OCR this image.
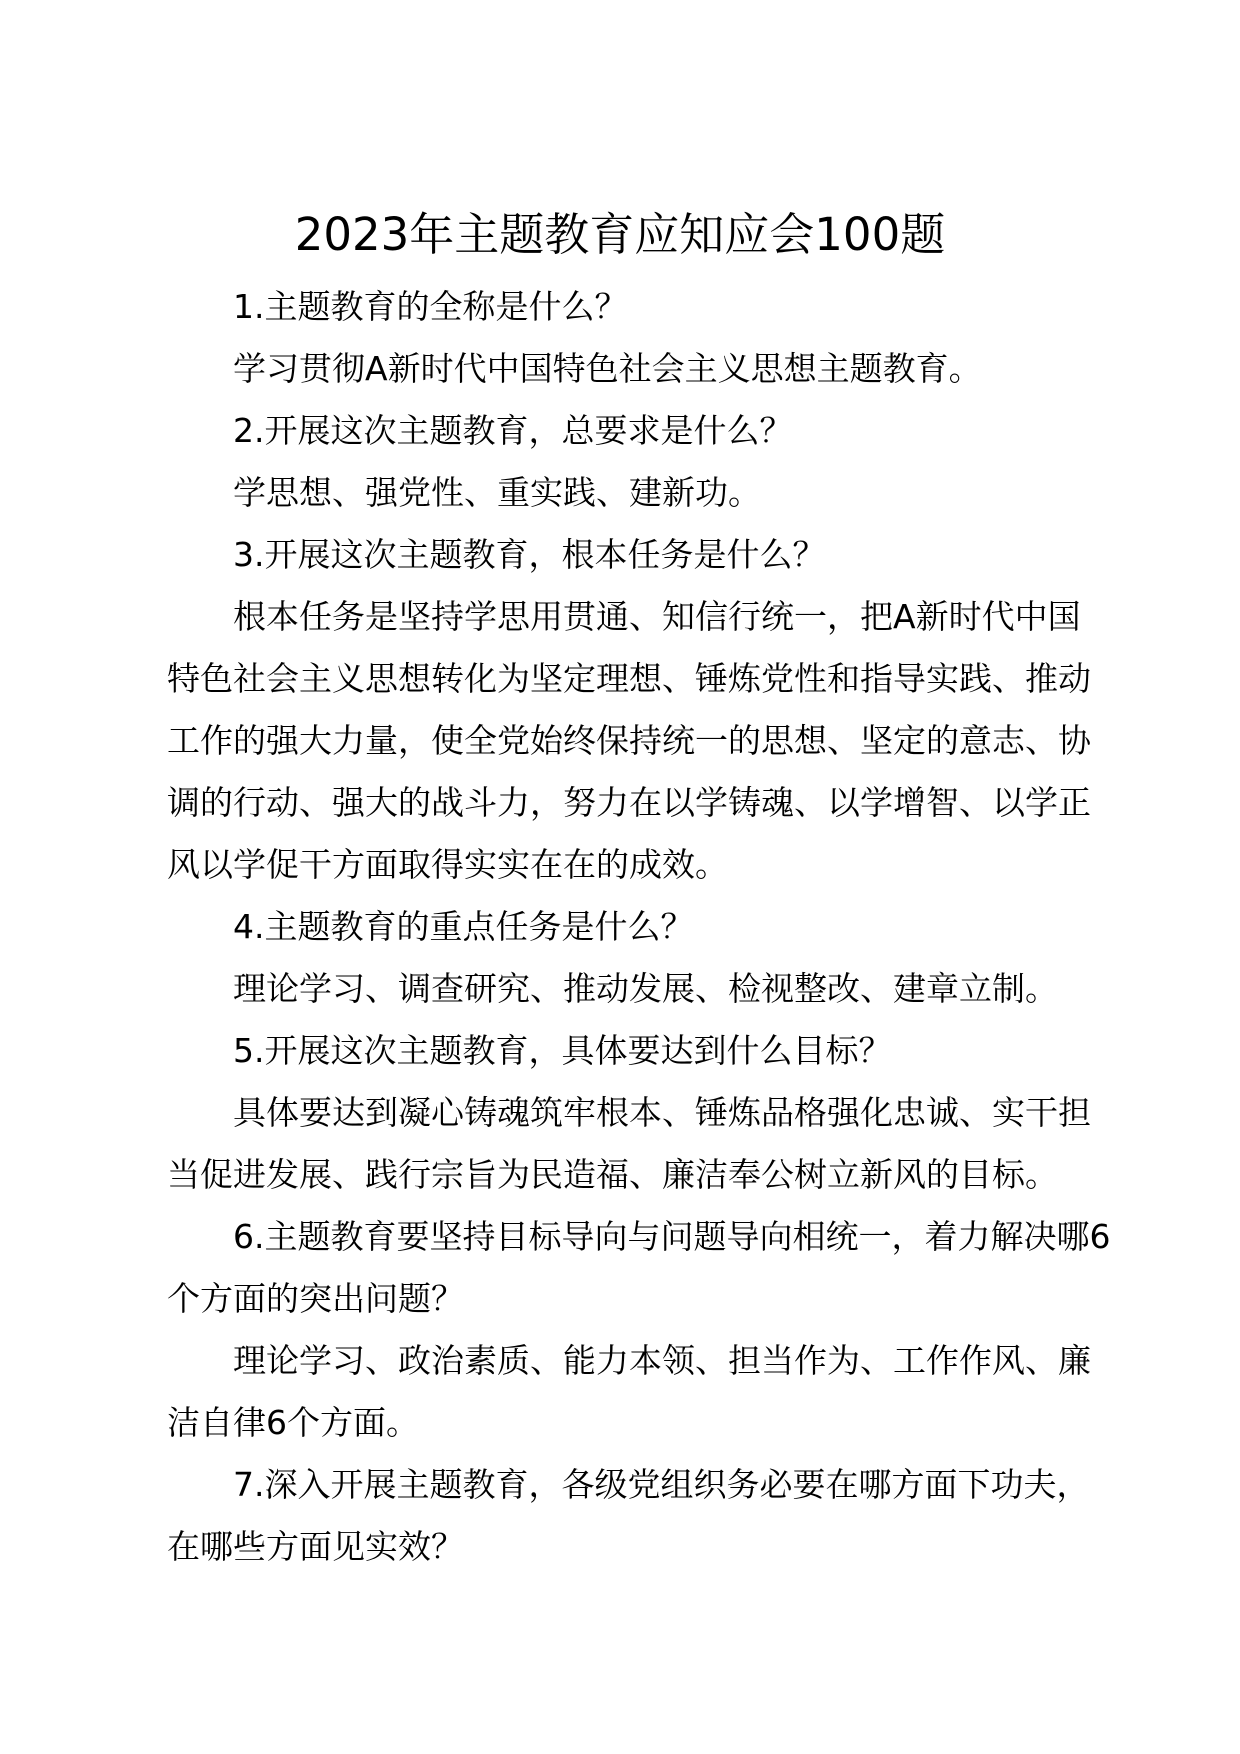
2023年主题教育应知应会100题

1.主题教育的全称是什么？

学习贯彻A新时代中国特色社会主义思想主题教育。

2.开展这次主题教育，总要求是什么？

学思想、强党性、重实践、建新功。

3.开展这次主题教育，根本任务是什么？

根本任务是坚持学思用贯通、知信行统一，把A新时代中国特色社会主义思想转化为坚定理想、锤炼党性和指导实践、推动工作的强大力量，使全党始终保持统一的思想、坚定的意志、协调的行动、强大的战斗力，努力在以学铸魂、以学增智、以学正风以学促干方面取得实实在在的成效。

4.主题教育的重点任务是什么？

理论学习、调查研究、推动发展、检视整改、建章立制。

5.开展这次主题教育，具体要达到什么目标？

具体要达到凝心铸魂筑牢根本、锤炼品格强化忠诚、实干担当促进发展、践行宗旨为民造福、廉洁奉公树立新风的目标。

6.主题教育要坚持目标导向与问题导向相统一，着力解决哪6个方面的突出问题？

理论学习、政治素质、能力本领、担当作为、工作作风、廉洁自律6个方面。

7.深入开展主题教育，各级党组织务必要在哪方面下功夫，在哪些方面见实效？
